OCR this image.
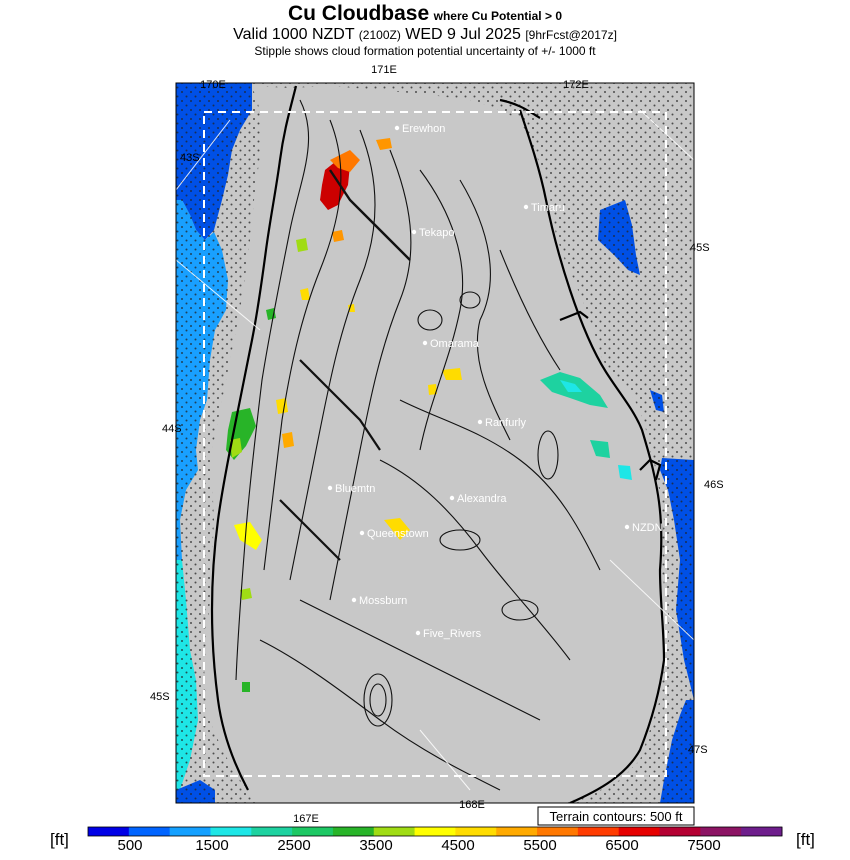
Cu Cloudbase where Cu Potential > 0
Valid 1000 NZDT (2100Z) WED 9 Jul 2025 [9hrFcst@2017z]
Stipple shows cloud formation potential uncertainty of +/- 1000 ft
Erewhon
Tekapo
Timaru
Omarama
Ranfurly
Bluemtn
Alexandra
Queenstown	NZDN
Mossburn
Five_Rivers
171E
170E	172E
167E
168E
43S
45S
44S
46S
45S
47S
Terrain contours: 500 ft
[ft]	[ft]
500	1500	2500	3500	4500	5500	6500	7500
